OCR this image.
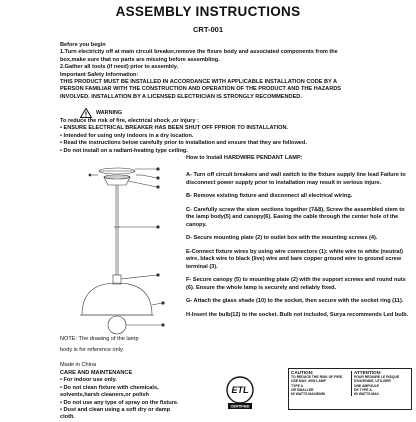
ASSEMBLY INSTRUCTIONS
CRT-001

Before you begin

1.Turn electricity off at main circuit breaker,remove the fixure body and associated components from the

box,make sure that no parts are missing before assembling.

2.Gather all tools (if need) prior to assembly.

Important Safety Information:

THIS PRODUCT MUST BE INSTALLED IN ACCORDANCE WITH APPLICABLE INSTALLATION CODE BY A

PERSON FAMILIAR WITH THE CONSTRUCTION AND OPERATION OF THE PRODUCT AND THE HAZARDS

INVOLVED. INSTALLATION BY A LICENSED ELECTRICIAN IS STRONGLY RECOMMENDED.

WARNING

To reduce the risk of fire, electrical shock ,or injury :

• ENSURE ELECTRICAL BREAKER HAS BEEN SHUT OFF FPRIOR TO INSTALLATION.

• Intended for using only indoors in a dry location.

• Read the instructions below carefully prior to installation and ensure that they are followed.

• Do not install on a radiant-heating type ceiling.

How to Install HARDWIRE PENDANT LAMP:

A- Turn off circuit breakers and wall switch to the fixture supply line lead Failure to disconnect power supply prior to installation may result in serious injure.

B- Remove existing fixture and disconnect all electrical wiring.

C- Carefully screw the stem sections together (7&8). Screw the assembled stem to the lamp body(5) and canopy(6). Easing the cable through the center hole of the canopy.

D- Secure mounting plate (2) to outlet box with the mounting screws (4).

E-Connect fixture wires by using wire connectors (1): white wire to white (neutral) wire, black wire to black (live) wire and bare copper ground wire to ground screw terminal (3).

F- Secure canopy (5) to mounting plate (2) with the support screws and round nuts (6). Ensure the whole lamp is securely and reliably fixed.

G- Attach the glass shade (10) to the socket, then secure with the socket ring (11).

H-Insert the bulb(12) to the socket. Bulb not included, Surya recommends Led bulb.

NOTE: The drawing of the lamp

body is for reference only.

Made in China

CARE AND MAINTENANCE

• For indoor use only.

• Do not clean fixture with chemicals,

solvents,harsh cleaners,or polish

• Do not use any type of spray on the fixture.

• Dust and clean using a soft dry or damp cloth.

ETL
CERTIFIED
CAUTION:
TO REDUCE THE RISK OF FIRE,
USE MAX. 60W LAMP
TYPE A
OR SMALLER
60 WATTS MAXIMUM
ATTENTION:
POUR REDUIRE LE RISQUE
D'INCENDIE, UTILISER
UNE AMPOULE
DE TYPE A
60 WATTS MAX.
